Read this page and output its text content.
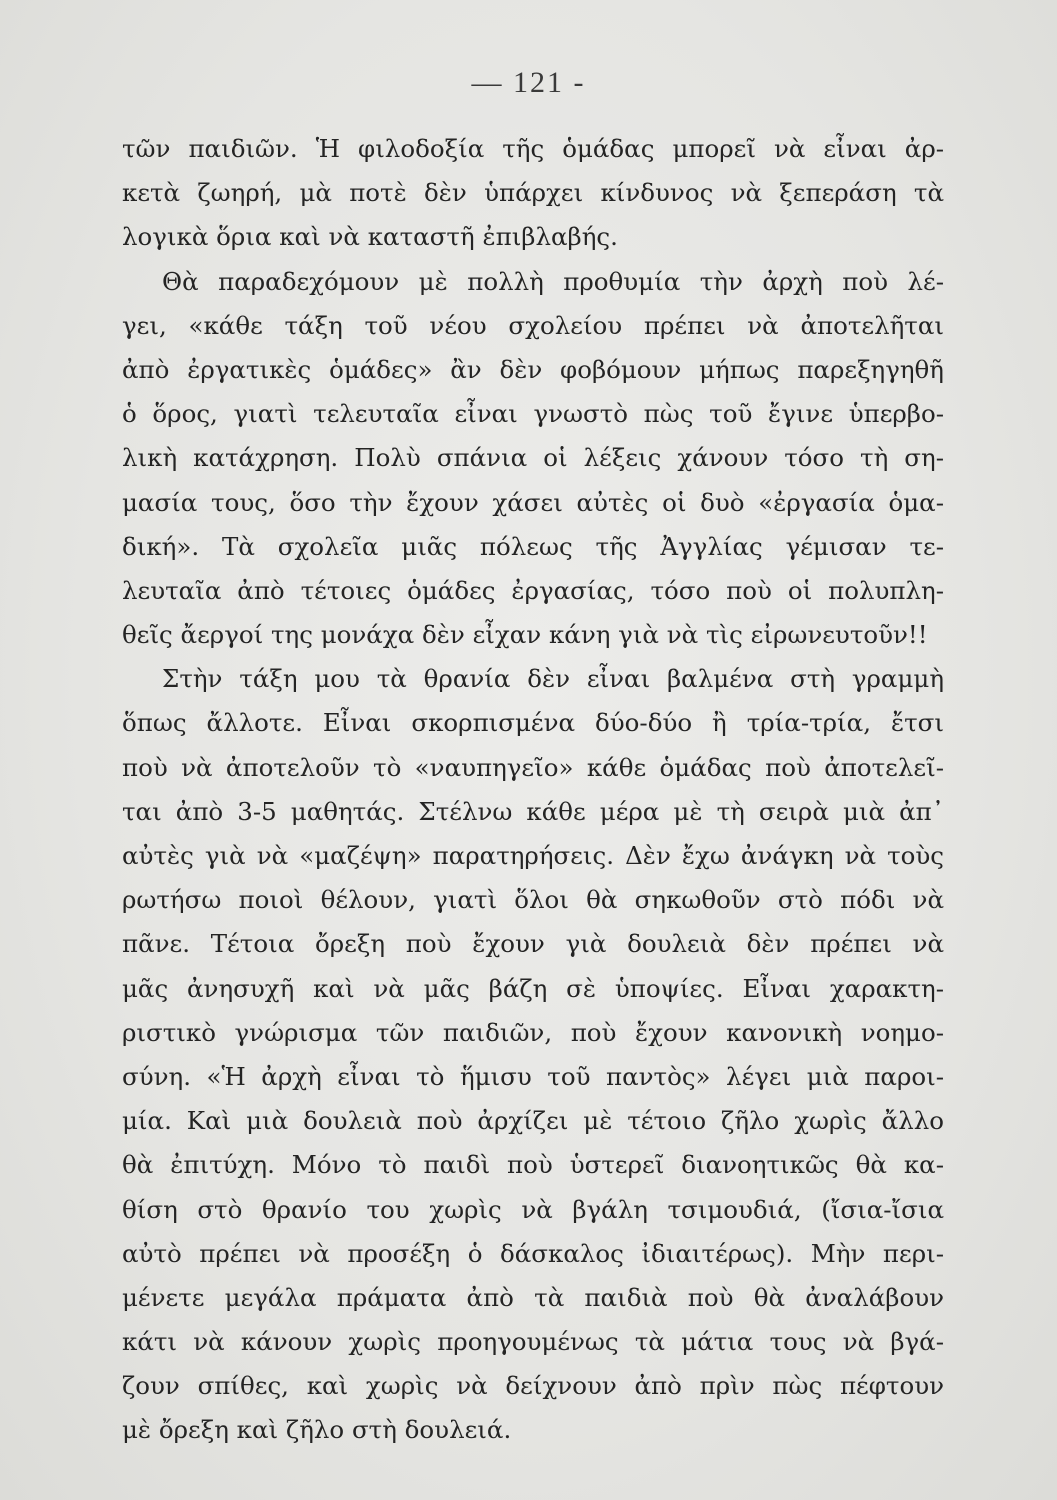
— 121 -
τῶν παιδιῶν. Ἡ φιλοδοξία τῆς ὁμάδας μπορεῖ νὰ εἶναι ἀρ-
κετὰ ζωηρή, μὰ ποτὲ δὲν ὑπάρχει κίνδυνος νὰ ξεπεράση τὰ
λογικὰ ὅρια καὶ νὰ καταστῆ ἐπιβλαβής.
Θὰ παραδεχόμουν μὲ πολλὴ προθυμία τὴν ἀρχὴ ποὺ λέ-
γει, «κάθε τάξη τοῦ νέου σχολείου πρέπει νὰ ἀποτελῆται
ἀπὸ ἐργατικὲς ὁμάδες» ἂν δὲν φοβόμουν μήπως παρεξηγηθῆ
ὁ ὅρος, γιατὶ τελευταῖα εἶναι γνωστὸ πὼς τοῦ ἔγινε ὑπερβο-
λικὴ κατάχρηση. Πολὺ σπάνια οἱ λέξεις χάνουν τόσο τὴ ση-
μασία τους, ὅσο τὴν ἔχουν χάσει αὐτὲς οἱ δυὸ «ἐργασία ὁμα-
δική». Τὰ σχολεῖα μιᾶς πόλεως τῆς Ἀγγλίας γέμισαν τε-
λευταῖα ἀπὸ τέτοιες ὁμάδες ἐργασίας, τόσο ποὺ οἱ πολυπλη-
θεῖς ἄεργοί της μονάχα δὲν εἶχαν κάνη γιὰ νὰ τὶς εἰρωνευτοῦν!!
Στὴν τάξη μου τὰ θρανία δὲν εἶναι βαλμένα στὴ γραμμὴ
ὅπως ἄλλοτε. Εἶναι σκορπισμένα δύο-δύο ἢ τρία-τρία, ἔτσι
ποὺ νὰ ἀποτελοῦν τὸ «ναυπηγεῖο» κάθε ὁμάδας ποὺ ἀποτελεῖ-
ται ἀπὸ 3-5 μαθητάς. Στέλνω κάθε μέρα μὲ τὴ σειρὰ μιὰ ἀπ᾽
αὐτὲς γιὰ νὰ «μαζέψη» παρατηρήσεις. Δὲν ἔχω ἀνάγκη νὰ τοὺς
ρωτήσω ποιοὶ θέλουν, γιατὶ ὅλοι θὰ σηκωθοῦν στὸ πόδι νὰ
πᾶνε. Τέτοια ὄρεξη ποὺ ἔχουν γιὰ δουλειὰ δὲν πρέπει νὰ
μᾶς ἀνησυχῆ καὶ νὰ μᾶς βάζη σὲ ὑποψίες. Εἶναι χαρακτη-
ριστικὸ γνώρισμα τῶν παιδιῶν, ποὺ ἔχουν κανονικὴ νοημο-
σύνη. «Ἡ ἀρχὴ εἶναι τὸ ἥμισυ τοῦ παντὸς» λέγει μιὰ παροι-
μία. Καὶ μιὰ δουλειὰ ποὺ ἀρχίζει μὲ τέτοιο ζῆλο χωρὶς ἄλλο
θὰ ἐπιτύχη. Μόνο τὸ παιδὶ ποὺ ὑστερεῖ διανοητικῶς θὰ κα-
θίση στὸ θρανίο του χωρὶς νὰ βγάλη τσιμουδιά, (ἴσια-ἴσια
αὐτὸ πρέπει νὰ προσέξη ὁ δάσκαλος ἰδιαιτέρως). Μὴν περι-
μένετε μεγάλα πράματα ἀπὸ τὰ παιδιὰ ποὺ θὰ ἀναλάβουν
κάτι νὰ κάνουν χωρὶς προηγουμένως τὰ μάτια τους νὰ βγά-
ζουν σπίθες, καὶ χωρὶς νὰ δείχνουν ἀπὸ πρὶν πὼς πέφτουν
μὲ ὄρεξη καὶ ζῆλο στὴ δουλειά.
